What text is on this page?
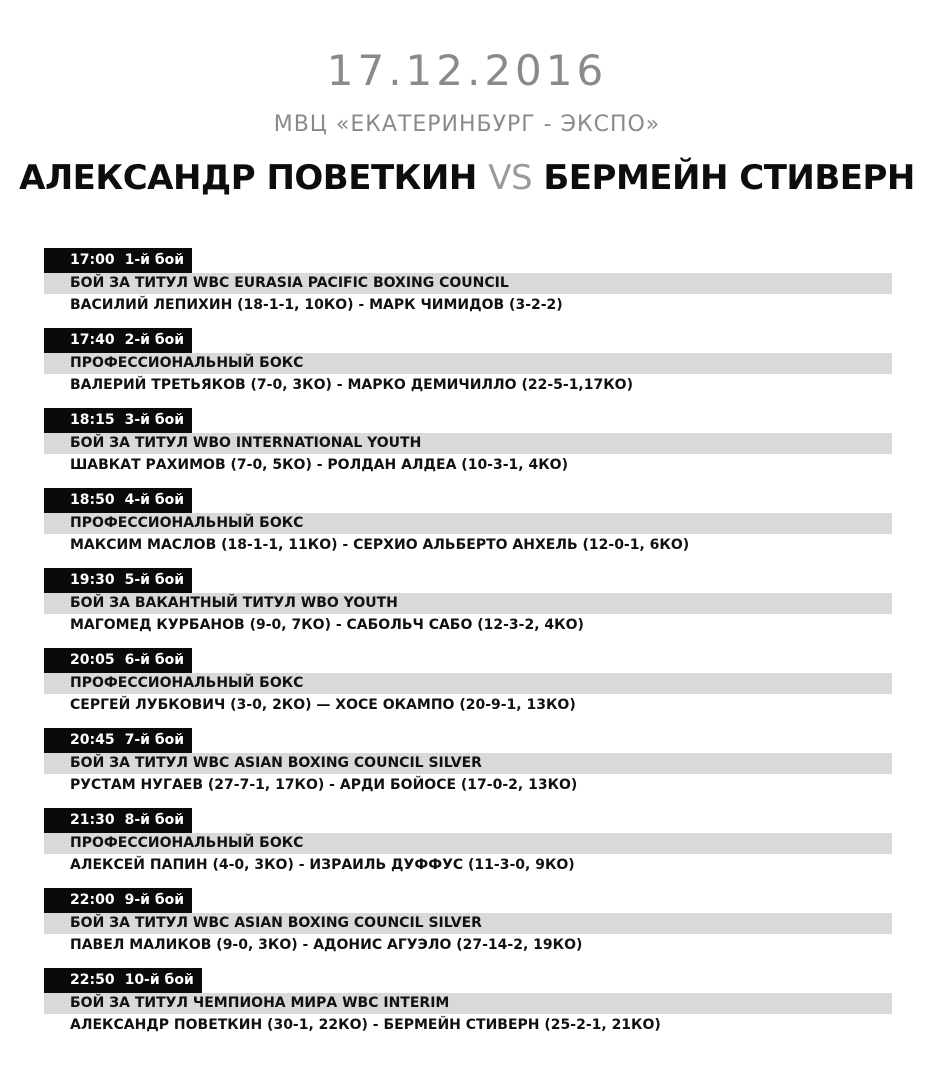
17.12.2016
МВЦ «ЕКАТЕРИНБУРГ - ЭКСПО»
АЛЕКСАНДР ПОВЕТКИН VS БЕРМЕЙН СТИВЕРН
17:00 1-й бой
БОЙ ЗА ТИТУЛ WBC EURASIA PACIFIC BOXING COUNCIL
ВАСИЛИЙ ЛЕПИХИН (18-1-1, 10КО) - МАРК ЧИМИДОВ (3-2-2)
17:40 2-й бой
ПРОФЕССИОНАЛЬНЫЙ БОКС
ВАЛЕРИЙ ТРЕТЬЯКОВ (7-0, 3КО) - МАРКО ДЕМИЧИЛЛО (22-5-1,17КО)
18:15 3-й бой
БОЙ ЗА ТИТУЛ WBO INTERNATIONAL YOUTH
ШАВКАТ РАХИМОВ (7-0, 5КО) - РОЛДАН АЛДЕА (10-3-1, 4КО)
18:50 4-й бой
ПРОФЕССИОНАЛЬНЫЙ БОКС
МАКСИМ МАСЛОВ (18-1-1, 11КО) - СЕРХИО АЛЬБЕРТО АНХЕЛЬ (12-0-1, 6КО)
19:30 5-й бой
БОЙ ЗА ВАКАНТНЫЙ ТИТУЛ WBO YOUTH
МАГОМЕД КУРБАНОВ (9-0, 7КО) - САБОЛЬЧ САБО (12-3-2, 4КО)
20:05 6-й бой
ПРОФЕССИОНАЛЬНЫЙ БОКС
СЕРГЕЙ ЛУБКОВИЧ (3-0, 2КО) — ХОСЕ ОКАМПО (20-9-1, 13КО)
20:45 7-й бой
БОЙ ЗА ТИТУЛ WBC ASIAN BOXING COUNCIL SILVER
РУСТАМ НУГАЕВ (27-7-1, 17КО) - АРДИ БОЙОСЕ (17-0-2, 13КО)
21:30 8-й бой
ПРОФЕССИОНАЛЬНЫЙ БОКС
АЛЕКСЕЙ ПАПИН (4-0, 3КО) - ИЗРАИЛЬ ДУФФУС (11-3-0, 9КО)
22:00 9-й бой
БОЙ ЗА ТИТУЛ WBC ASIAN BOXING COUNCIL SILVER
ПАВЕЛ МАЛИКОВ (9-0, 3КО) - АДОНИС АГУЭЛО (27-14-2, 19КО)
22:50 10-й бой
БОЙ ЗА ТИТУЛ ЧЕМПИОНА МИРА WBC INTERIM
АЛЕКСАНДР ПОВЕТКИН (30-1, 22КО) - БЕРМЕЙН СТИВЕРН (25-2-1, 21КО)
